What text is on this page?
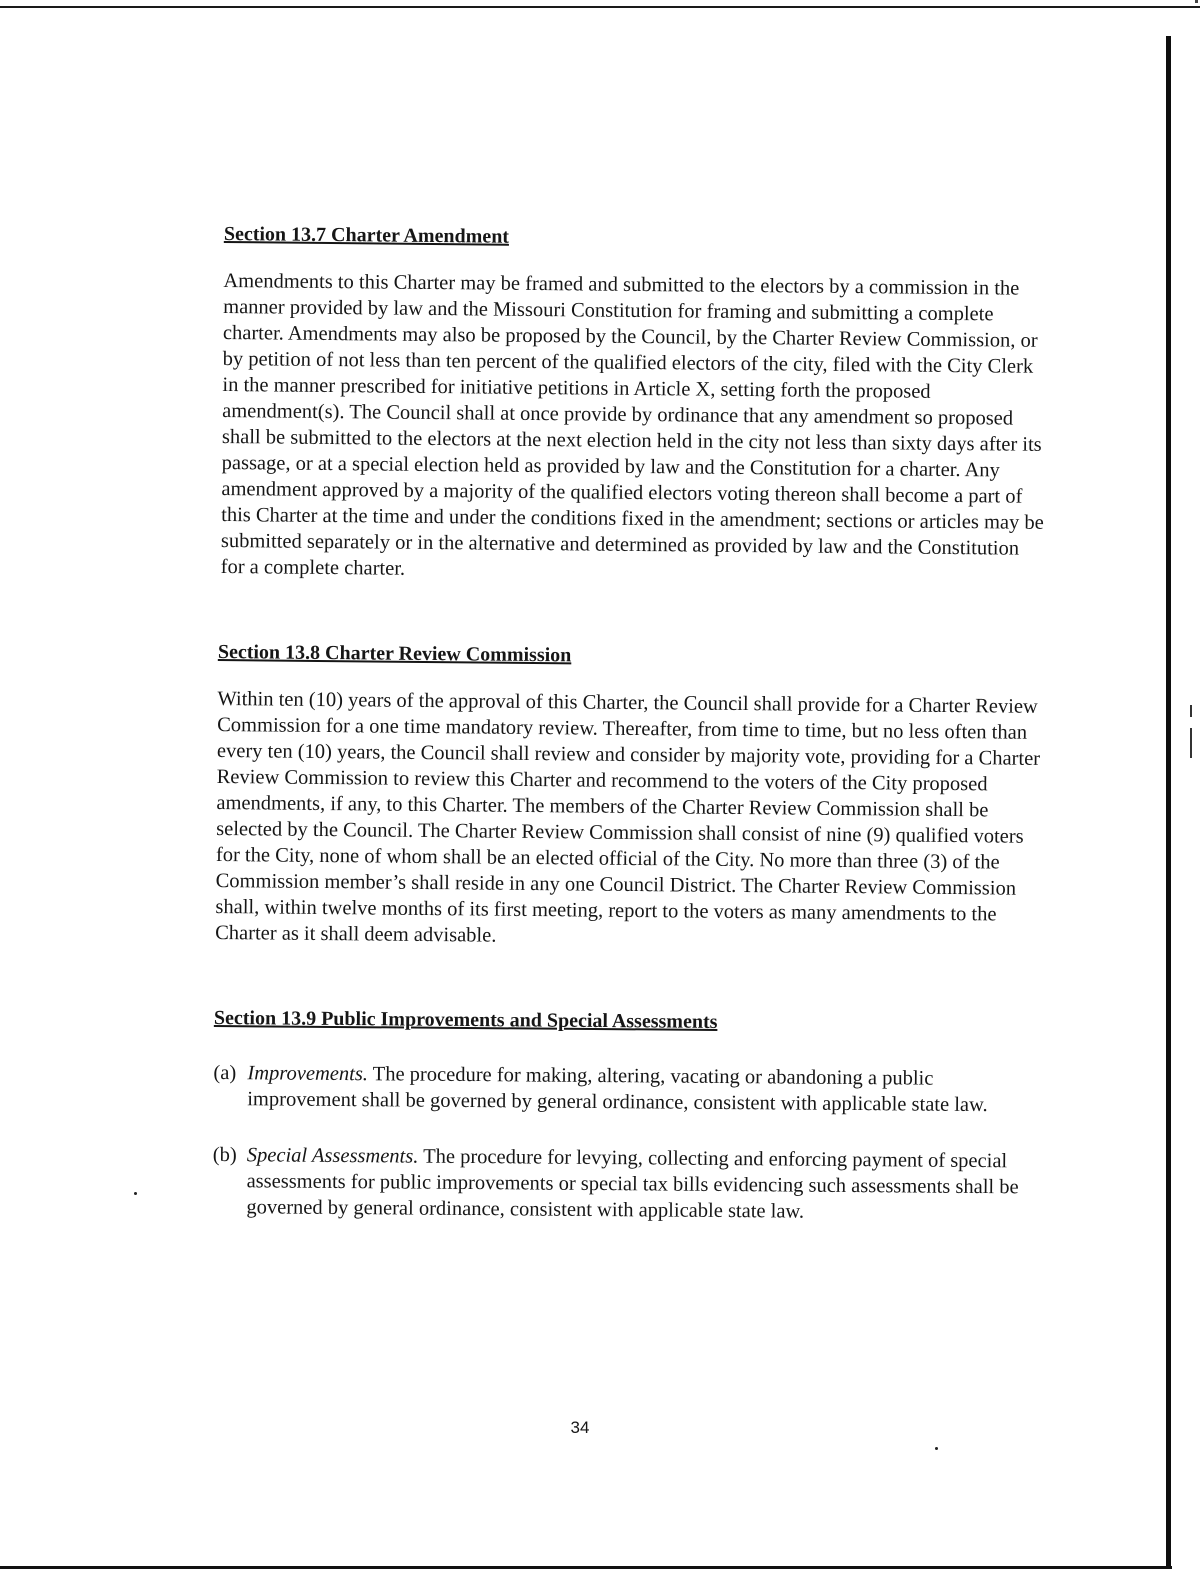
Section 13.7 Charter Amendment

Amendments to this Charter may be framed and submitted to the electors by a commission in the manner provided by law and the Missouri Constitution for framing and submitting a complete charter. Amendments may also be proposed by the Council, by the Charter Review Commission, or by petition of not less than ten percent of the qualified electors of the city, filed with the City Clerk in the manner prescribed for initiative petitions in Article X, setting forth the proposed amendment(s). The Council shall at once provide by ordinance that any amendment so proposed shall be submitted to the electors at the next election held in the city not less than sixty days after its passage, or at a special election held as provided by law and the Constitution for a charter. Any amendment approved by a majority of the qualified electors voting thereon shall become a part of this Charter at the time and under the conditions fixed in the amendment; sections or articles may be submitted separately or in the alternative and determined as provided by law and the Constitution for a complete charter.

Section 13.8 Charter Review Commission

Within ten (10) years of the approval of this Charter, the Council shall provide for a Charter Review Commission for a one time mandatory review. Thereafter, from time to time, but no less often than every ten (10) years, the Council shall review and consider by majority vote, providing for a Charter Review Commission to review this Charter and recommend to the voters of the City proposed amendments, if any, to this Charter. The members of the Charter Review Commission shall be selected by the Council. The Charter Review Commission shall consist of nine (9) qualified voters for the City, none of whom shall be an elected official of the City. No more than three (3) of the Commission member’s shall reside in any one Council District. The Charter Review Commission shall, within twelve months of its first meeting, report to the voters as many amendments to the Charter as it shall deem advisable.

Section 13.9 Public Improvements and Special Assessments
(a) Improvements. The procedure for making, altering, vacating or abandoning a public improvement shall be governed by general ordinance, consistent with applicable state law.
(b) Special Assessments. The procedure for levying, collecting and enforcing payment of special assessments for public improvements or special tax bills evidencing such assessments shall be governed by general ordinance, consistent with applicable state law.
34
